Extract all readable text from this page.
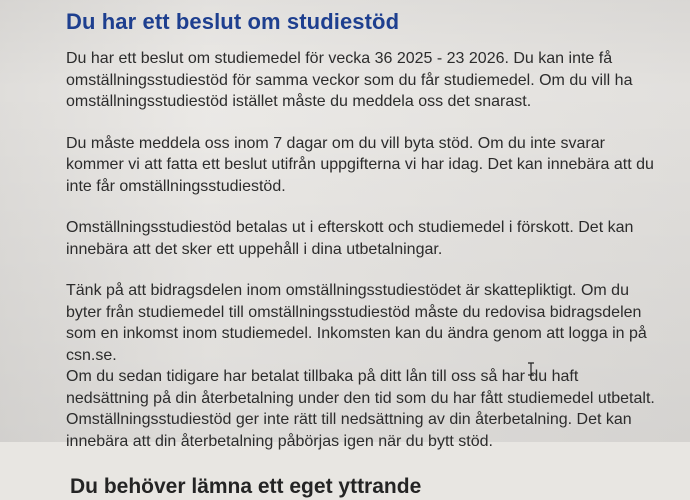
Du har ett beslut om studiestöd

Du har ett beslut om studiemedel för vecka 36 2025 - 23 2026. Du kan inte få omställningsstudiestöd för samma veckor som du får studiemedel. Om du vill ha omställningsstudiestöd istället måste du meddela oss det snarast.

Du måste meddela oss inom 7 dagar om du vill byta stöd. Om du inte svarar kommer vi att fatta ett beslut utifrån uppgifterna vi har idag. Det kan innebära att du inte får omställningsstudiestöd.

Omställningsstudiestöd betalas ut i efterskott och studiemedel i förskott. Det kan innebära att det sker ett uppehåll i dina utbetalningar.

Tänk på att bidragsdelen inom omställningsstudiestödet är skattepliktigt. Om du byter från studiemedel till omställningsstudiestöd måste du redovisa bidragsdelen som en inkomst inom studiemedel. Inkomsten kan du ändra genom att logga in på csn.se.

Om du sedan tidigare har betalat tillbaka på ditt lån till oss så har du haft nedsättning på din återbetalning under den tid som du har fått studiemedel utbetalt. Omställningsstudiestöd ger inte rätt till nedsättning av din återbetalning. Det kan innebära att din återbetalning påbörjas igen när du bytt stöd.

Du behöver lämna ett eget yttrande
